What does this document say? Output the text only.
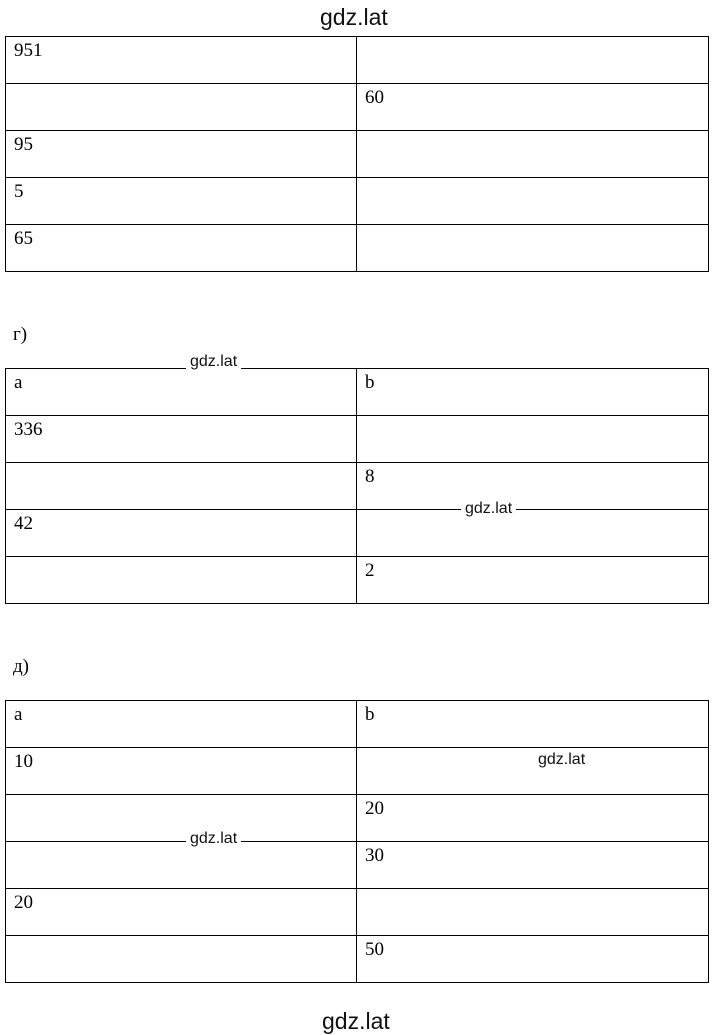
gdz.lat
951	

	60

95	

5	

65	

г)
a	b

336	

	8

42	

	2
д)
a	b

10	

	20

	30

20	

	50
gdz.lat
gdz.lat
gdz.lat
gdz.lat
gdz.lat
